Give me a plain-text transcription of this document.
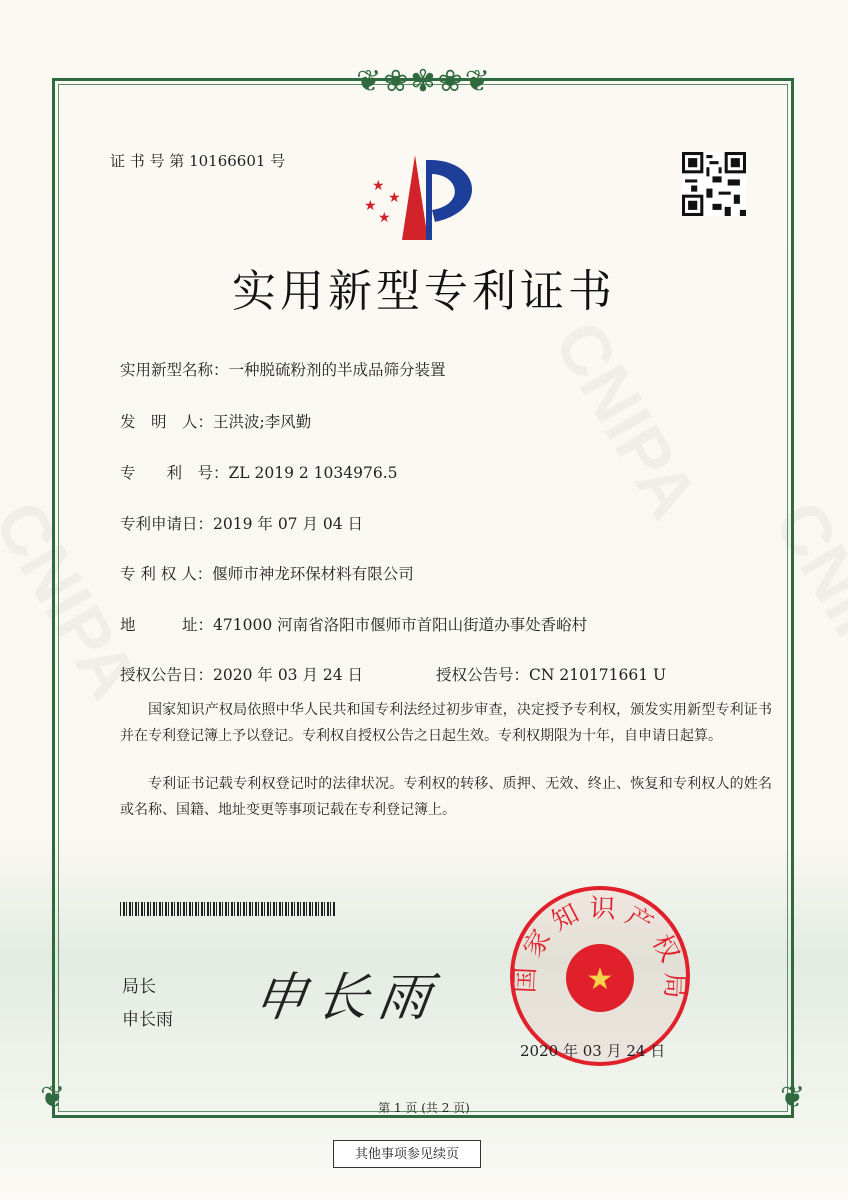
❦❀✾❀❦
❦	❦
证 书 号 第 10166601 号
★
★
★
★
实用新型专利证书
实用新型名称：一种脱硫粉剂的半成品筛分装置
发　明　人：王洪波;李风勤
专　　利　号：ZL 2019 2 1034976.5
专利申请日：2019 年 07 月 04 日
专 利 权 人：偃师市神龙环保材料有限公司
地　　　址：471000 河南省洛阳市偃师市首阳山街道办事处香峪村
授权公告日：2020 年 03 月 24 日	授权公告号：CN 210171661 U
国家知识产权局依照中华人民共和国专利法经过初步审查，决定授予专利权，颁发实用新型专利证书并在专利登记簿上予以登记。专利权自授权公告之日起生效。专利权期限为十年，自申请日起算。
专利证书记载专利权登记时的法律状况。专利权的转移、质押、无效、终止、恢复和专利权人的姓名或名称、国籍、地址变更等事项记载在专利登记簿上。
局长
申长雨 申长雨	国 家 知 识 产 权 局
★
2020 年 03 月 24 日
第 1 页 (共 2 页)
其他事项参见续页
